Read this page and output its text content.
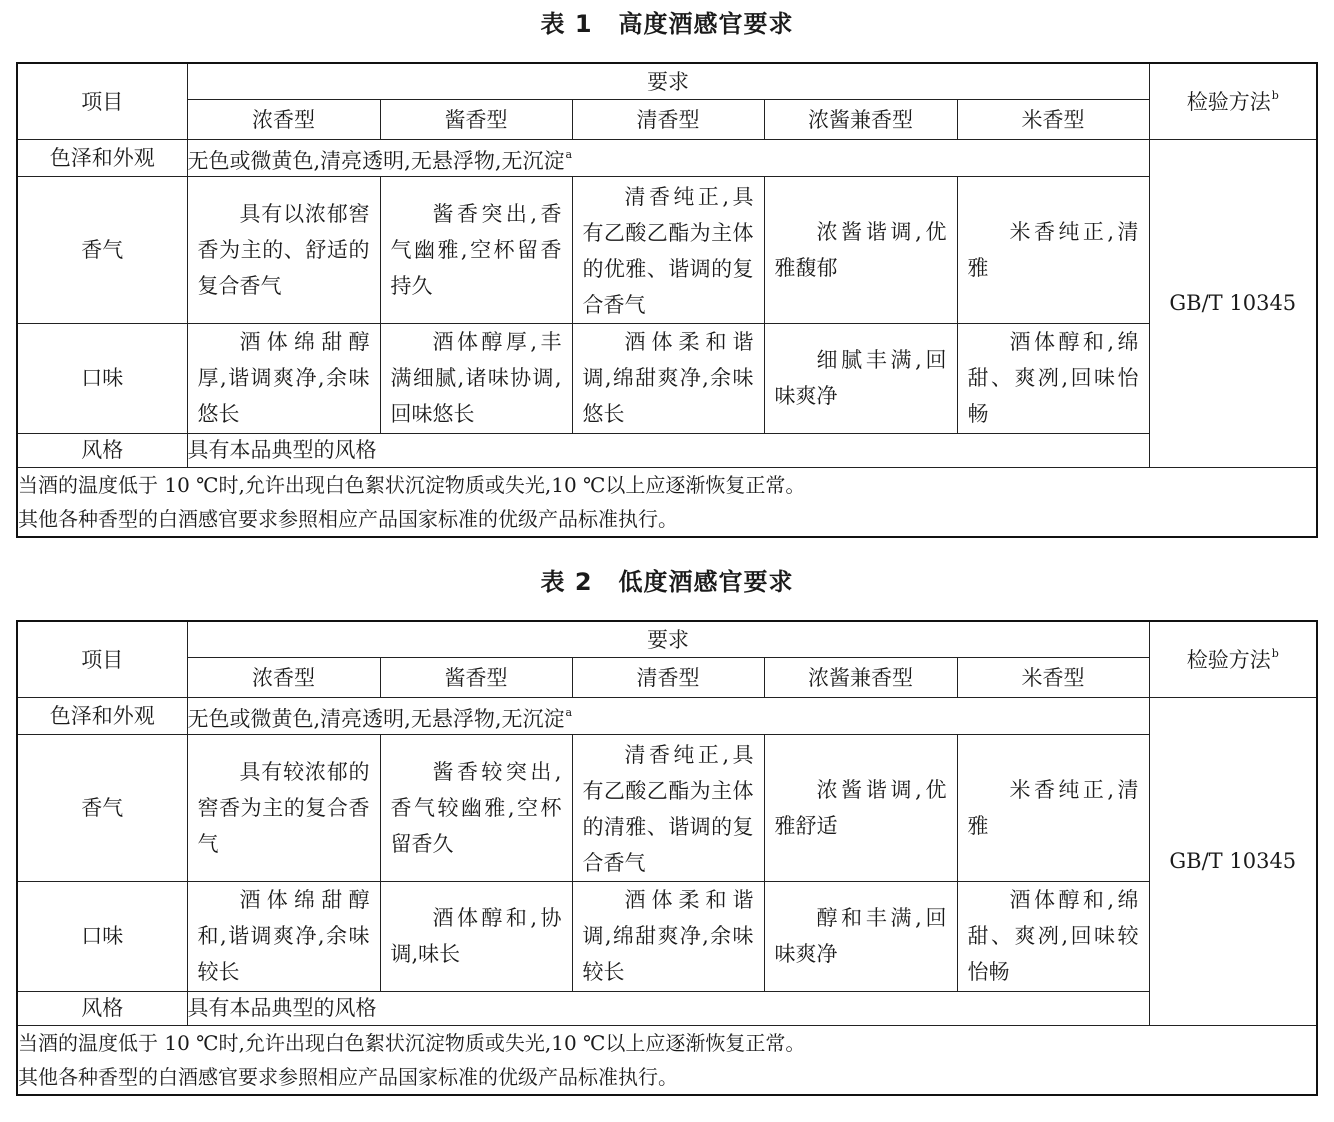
表 1 高度酒感官要求
项目	要求					检验方法$^b$
	浓香型	酱香型	清香型	浓酱兼香型	米香型	
色泽和外观	无色或微黄色,清亮透明,无悬浮物,无沉淀$^a$					GB/T 10345
香气	具有以浓郁窖香为主的、舒适的复合香气	酱香突出,香气幽雅,空杯留香持久	清香纯正,具有乙酸乙酯为主体的优雅、谐调的复合香气	浓酱谐调,优雅馥郁	米香纯正,清雅	

口味	酒体绵甜醇厚,谐调爽净,余味悠长	酒体醇厚,丰满细腻,诸味协调,回味悠长	酒体柔和谐调,绵甜爽净,余味悠长	细腻丰满,回味爽净	酒体醇和,绵甜、爽冽,回味怡畅	

风格	具有本品典型的风格					

当酒的温度低于 10 ℃时,允许出现白色絮状沉淀物质或失光,10 ℃以上应逐渐恢复正常。
其他各种香型的白酒感官要求参照相应产品国家标准的优级产品标准执行。						
表 2 低度酒感官要求
项目	要求					检验方法$^b$
	浓香型	酱香型	清香型	浓酱兼香型	米香型	
色泽和外观	无色或微黄色,清亮透明,无悬浮物,无沉淀$^a$					GB/T 10345
香气	具有较浓郁的窖香为主的复合香气	酱香较突出,香气较幽雅,空杯留香久	清香纯正,具有乙酸乙酯为主体的清雅、谐调的复合香气	浓酱谐调,优雅舒适	米香纯正,清雅	

口味	酒体绵甜醇和,谐调爽净,余味较长	酒体醇和,协调,味长	酒体柔和谐调,绵甜爽净,余味较长	醇和丰满,回味爽净	酒体醇和,绵甜、爽冽,回味较怡畅	

风格	具有本品典型的风格					

当酒的温度低于 10 ℃时,允许出现白色絮状沉淀物质或失光,10 ℃以上应逐渐恢复正常。
其他各种香型的白酒感官要求参照相应产品国家标准的优级产品标准执行。						
